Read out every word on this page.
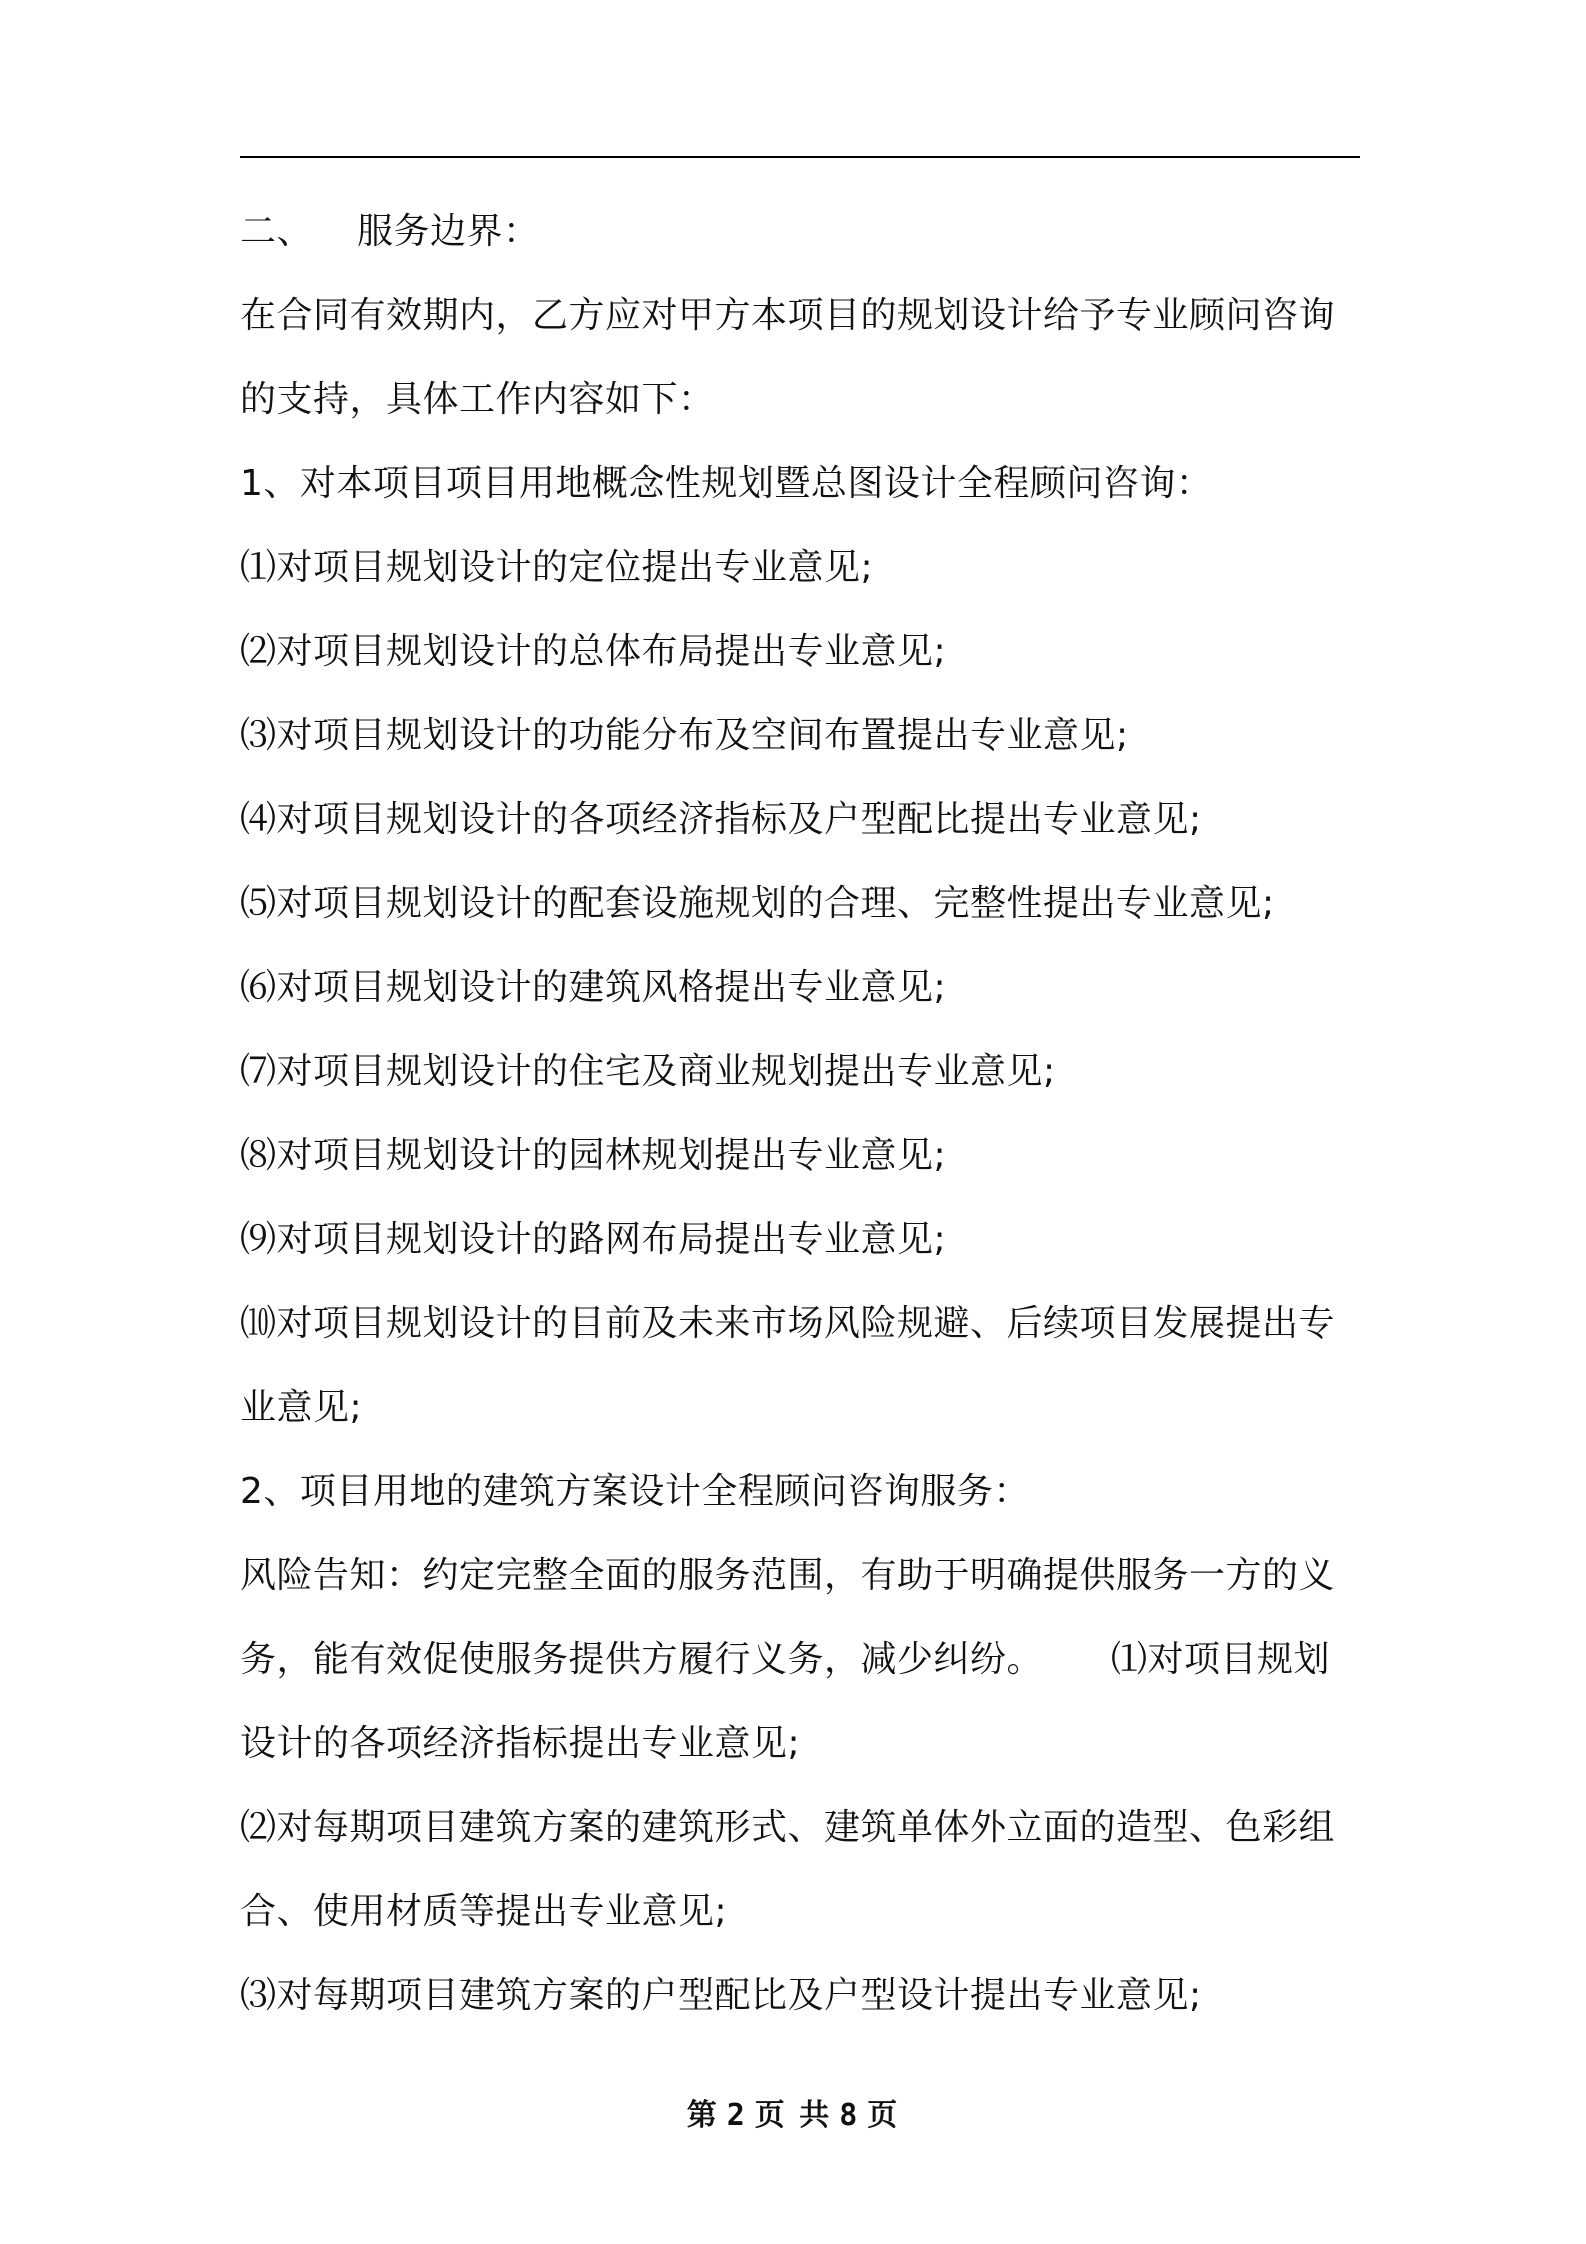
二、 服务边界：

在合同有效期内，乙方应对甲方本项目的规划设计给予专业顾问咨询的支持，具体工作内容如下：

1、对本项目项目用地概念性规划暨总图设计全程顾问咨询：

⑴对项目规划设计的定位提出专业意见;

⑵对项目规划设计的总体布局提出专业意见;

⑶对项目规划设计的功能分布及空间布置提出专业意见;

⑷对项目规划设计的各项经济指标及户型配比提出专业意见;

⑸对项目规划设计的配套设施规划的合理、完整性提出专业意见;

⑹对项目规划设计的建筑风格提出专业意见;

⑺对项目规划设计的住宅及商业规划提出专业意见;

⑻对项目规划设计的园林规划提出专业意见;

⑼对项目规划设计的路网布局提出专业意见;

⑽对项目规划设计的目前及未来市场风险规避、后续项目发展提出专业意见;

2、项目用地的建筑方案设计全程顾问咨询服务：

风险告知：约定完整全面的服务范围，有助于明确提供服务一方的义务，能有效促使服务提供方履行义务，减少纠纷。 ⑴对项目规划设计的各项经济指标提出专业意见;

⑵对每期项目建筑方案的建筑形式、建筑单体外立面的造型、色彩组合、使用材质等提出专业意见;

⑶对每期项目建筑方案的户型配比及户型设计提出专业意见;

第 2 页 共 8 页
